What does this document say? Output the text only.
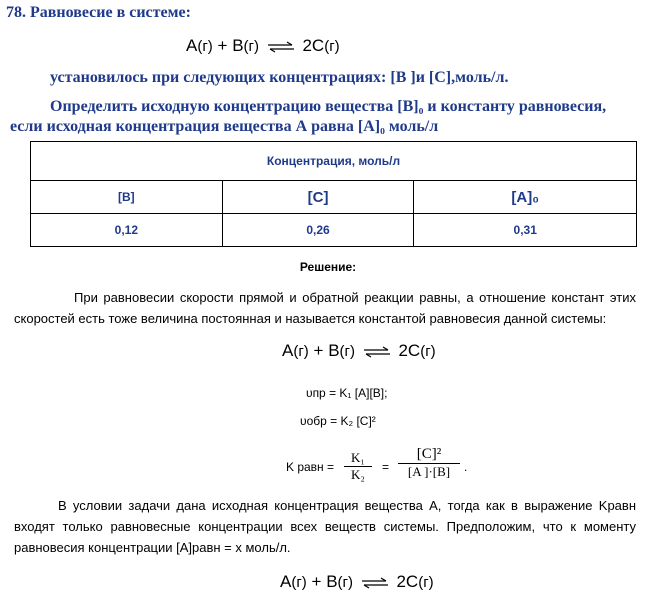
78. Равновесие в системе:
A(г) + B(г) ⇌ 2C(г)
установилось при следующих концентрациях: [B ]и [C],моль/л.
Определить исходную концентрацию вещества [B]₀ и константу равновесия,
если исходная концентрация вещества А равна [A]₀ моль/л
Концентрация, моль/л		
[B]	[C]	[A]₀
0,12	0,26	0,31
Решение:
При равновесии скорости прямой и обратной реакции равны, а отношение констант этих скоростей есть тоже величина постоянная и называется константой равновесия данной системы:
A(г) + B(г) ⇌ 2C(г)
υпр = K₁ [A][B];
υобр = K₂ [C]²
K равн = $\frac{\text{K₁}}{\text{K₂}} = \frac{\text{[C]²}}{[A ]\cdot[B]}$ .
В условии задачи дана исходная концентрация вещества А, тогда как в выражение Kравн входят только равновесные концентрации всех веществ системы. Предположим, что к моменту равновесия концентрации [A]равн = x моль/л.
A(г) + B(г) ⇌ 2C(г)
